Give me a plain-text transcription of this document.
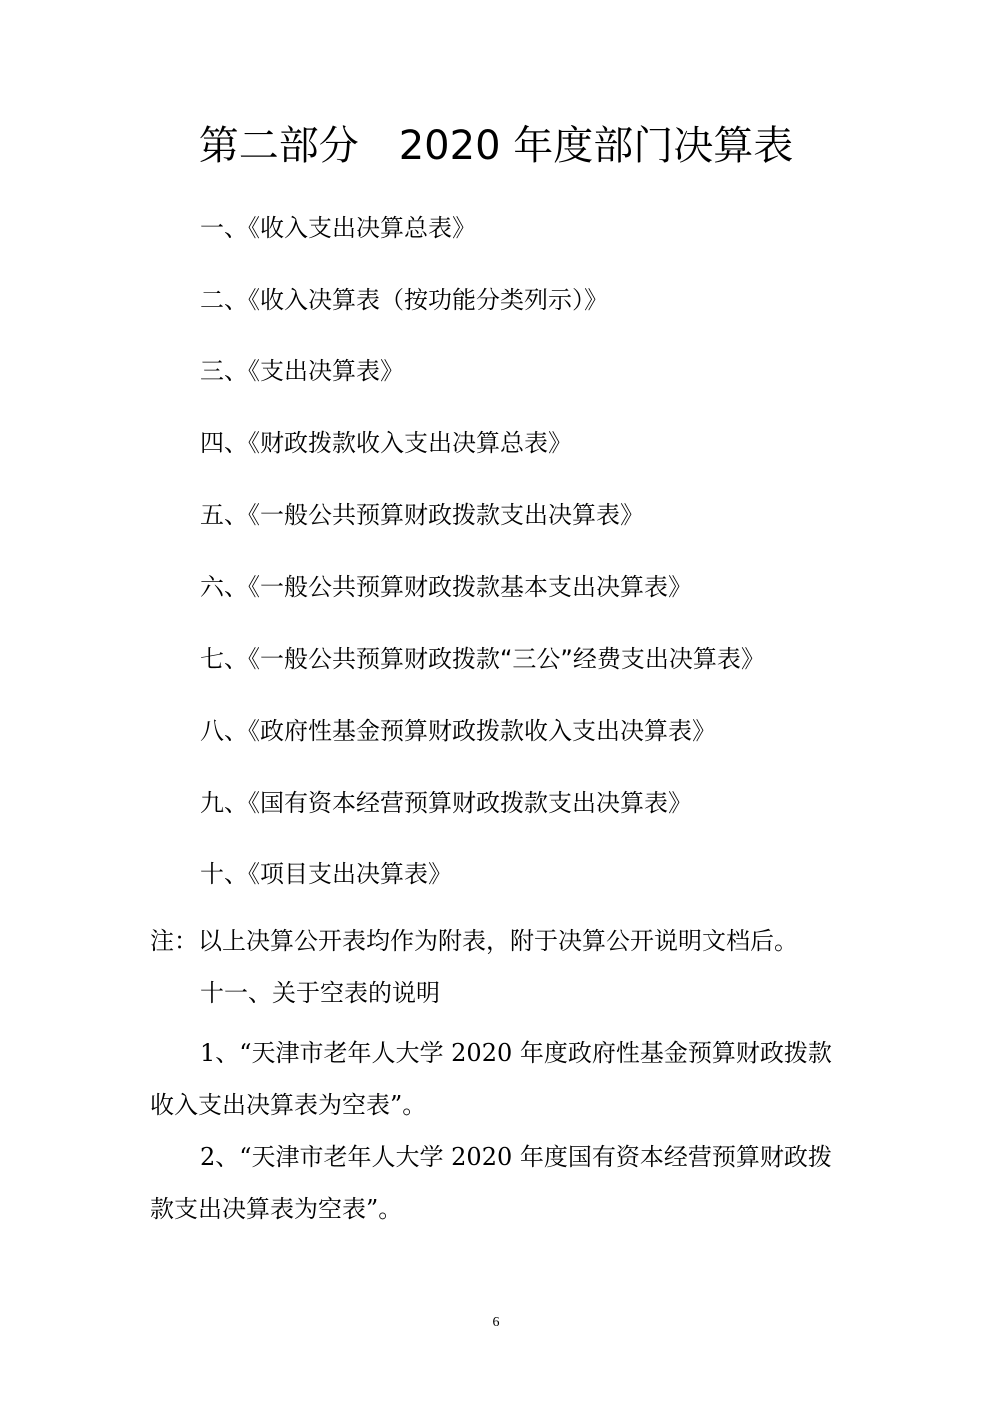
第二部分　2020 年度部门决算表
一、《收入支出决算总表》
二、《收入决算表（按功能分类列示）》
三、《支出决算表》
四、《财政拨款收入支出决算总表》
五、《一般公共预算财政拨款支出决算表》
六、《一般公共预算财政拨款基本支出决算表》
七、《一般公共预算财政拨款“三公”经费支出决算表》
八、《政府性基金预算财政拨款收入支出决算表》
九、《国有资本经营预算财政拨款支出决算表》
十、《项目支出决算表》
注：以上决算公开表均作为附表，附于决算公开说明文档后。
十一、关于空表的说明
1、“天津市老年人大学 2020 年度政府性基金预算财政拨款收入支出决算表为空表”。
2、“天津市老年人大学 2020 年度国有资本经营预算财政拨款支出决算表为空表”。
6
